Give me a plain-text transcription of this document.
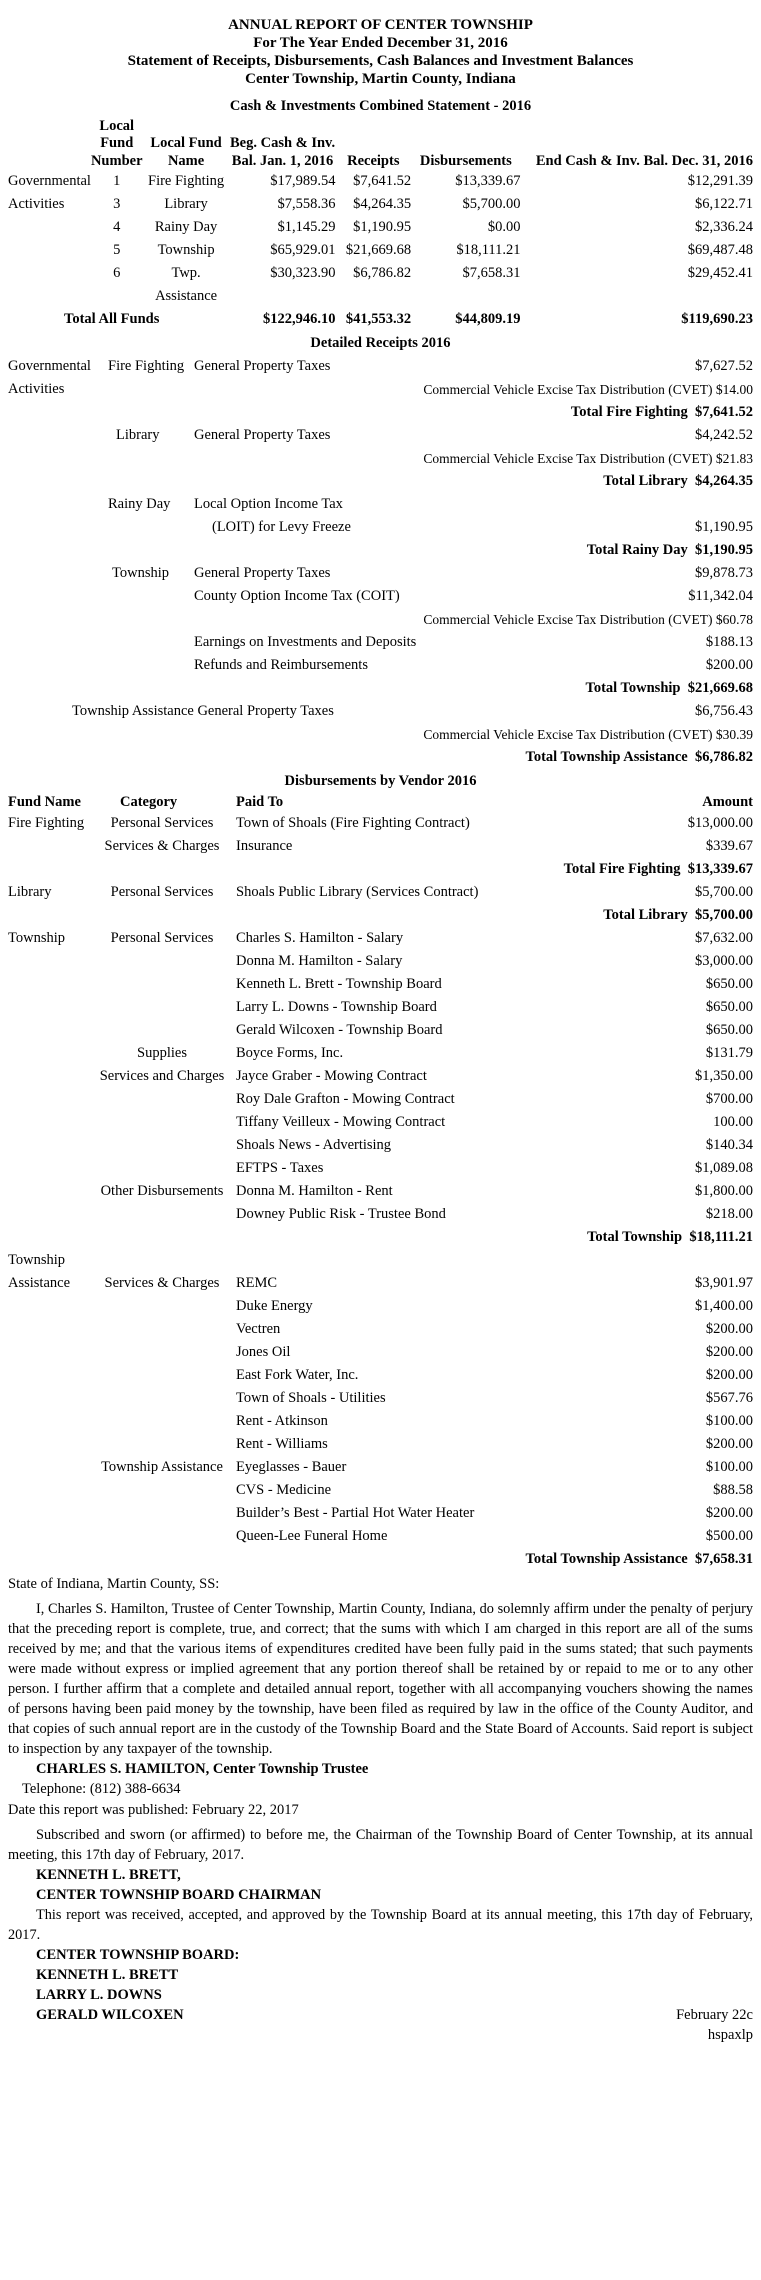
ANNUAL REPORT OF CENTER TOWNSHIP
For The Year Ended December 31, 2016
Statement of Receipts, Disbursements, Cash Balances and Investment Balances
Center Township, Martin County, Indiana
Cash & Investments Combined Statement - 2016
	Local Fund Number	Local Fund Name	Beg. Cash & Inv. Bal. Jan. 1, 2016	Receipts	Disbursements	End Cash & Inv. Bal. Dec. 31, 2016
Governmental	1	Fire Fighting	$17,989.54	$7,641.52	$13,339.67	$12,291.39
Activities	3	Library	$7,558.36	$4,264.35	$5,700.00	$6,122.71
	4	Rainy Day	$1,145.29	$1,190.95	$0.00	$2,336.24
	5	Township	$65,929.01	$21,669.68	$18,111.21	$69,487.48
	6	Twp. Assistance	$30,323.90	$6,786.82	$7,658.31	$29,452.41
Total All Funds			$122,946.10	$41,553.32	$44,809.19	$119,690.23
Detailed Receipts 2016
Governmental	Fire Fighting	General Property Taxes	$7,627.52
Activities		Commercial Vehicle Excise Tax Distribution (CVET) $14.00	
Total Fire Fighting $7,641.52			
	Library	General Property Taxes	$4,242.52
		Commercial Vehicle Excise Tax Distribution (CVET) $21.83	
Total Library $4,264.35			
	Rainy Day	Local Option Income Tax	
		(LOIT) for Levy Freeze	$1,190.95
Total Rainy Day $1,190.95			
	Township	General Property Taxes	$9,878.73
		County Option Income Tax (COIT)	$11,342.04
		Commercial Vehicle Excise Tax Distribution (CVET) $60.78	
		Earnings on Investments and Deposits	$188.13
		Refunds and Reimbursements	$200.00
Total Township $21,669.68			
Township Assistance General Property Taxes			$6,756.43
		Commercial Vehicle Excise Tax Distribution (CVET) $30.39	
Total Township Assistance $6,786.82			
Disbursements by Vendor 2016
Fund Name	Category	Paid To	Amount
Fire Fighting	Personal Services	Town of Shoals (Fire Fighting Contract)	$13,000.00
	Services & Charges	Insurance	$339.67
Total Fire Fighting $13,339.67			
Library	Personal Services	Shoals Public Library (Services Contract)	$5,700.00
Total Library $5,700.00			
Township	Personal Services	Charles S. Hamilton - Salary	$7,632.00
		Donna M. Hamilton - Salary	$3,000.00
		Kenneth L. Brett - Township Board	$650.00
		Larry L. Downs - Township Board	$650.00
		Gerald Wilcoxen - Township Board	$650.00
	Supplies	Boyce Forms, Inc.	$131.79
	Services and Charges	Jayce Graber - Mowing Contract	$1,350.00
		Roy Dale Grafton - Mowing Contract	$700.00
		Tiffany Veilleux - Mowing Contract	100.00
		Shoals News - Advertising	$140.34
		EFTPS - Taxes	$1,089.08
	Other Disbursements	Donna M. Hamilton - Rent	$1,800.00
		Downey Public Risk - Trustee Bond	$218.00
Total Township $18,111.21			
Township			
Assistance	Services & Charges	REMC	$3,901.97
		Duke Energy	$1,400.00
		Vectren	$200.00
		Jones Oil	$200.00
		East Fork Water, Inc.	$200.00
		Town of Shoals - Utilities	$567.76
		Rent - Atkinson	$100.00
		Rent - Williams	$200.00
	Township Assistance	Eyeglasses - Bauer	$100.00
		CVS - Medicine	$88.58
		Builder’s Best - Partial Hot Water Heater	$200.00
		Queen-Lee Funeral Home	$500.00
Total Township Assistance $7,658.31			
State of Indiana, Martin County, SS:
I, Charles S. Hamilton, Trustee of Center Township, Martin County, Indiana, do solemnly affirm under the penalty of perjury that the preceding report is complete, true, and correct; that the sums with which I am charged in this report are all of the sums received by me; and that the various items of expenditures credited have been fully paid in the sums stated; that such payments were made without express or implied agreement that any portion thereof shall be retained by or repaid to me or to any other person. I further affirm that a complete and detailed annual report, together with all accompanying vouchers showing the names of persons having been paid money by the township, have been filed as required by law in the office of the County Auditor, and that copies of such annual report are in the custody of the Township Board and the State Board of Accounts. Said report is subject to inspection by any taxpayer of the township.
CHARLES S. HAMILTON, Center Township Trustee
Telephone: (812) 388-6634
Date this report was published: February 22, 2017
Subscribed and sworn (or affirmed) to before me, the Chairman of the Township Board of Center Township, at its annual meeting, this 17th day of February, 2017.
KENNETH L. BRETT,
CENTER TOWNSHIP BOARD CHAIRMAN
This report was received, accepted, and approved by the Township Board at its annual meeting, this 17th day of February, 2017.
CENTER TOWNSHIP BOARD:
KENNETH L. BRETT
LARRY L. DOWNS
GERALD WILCOXEN	February 22c
hspaxlp
